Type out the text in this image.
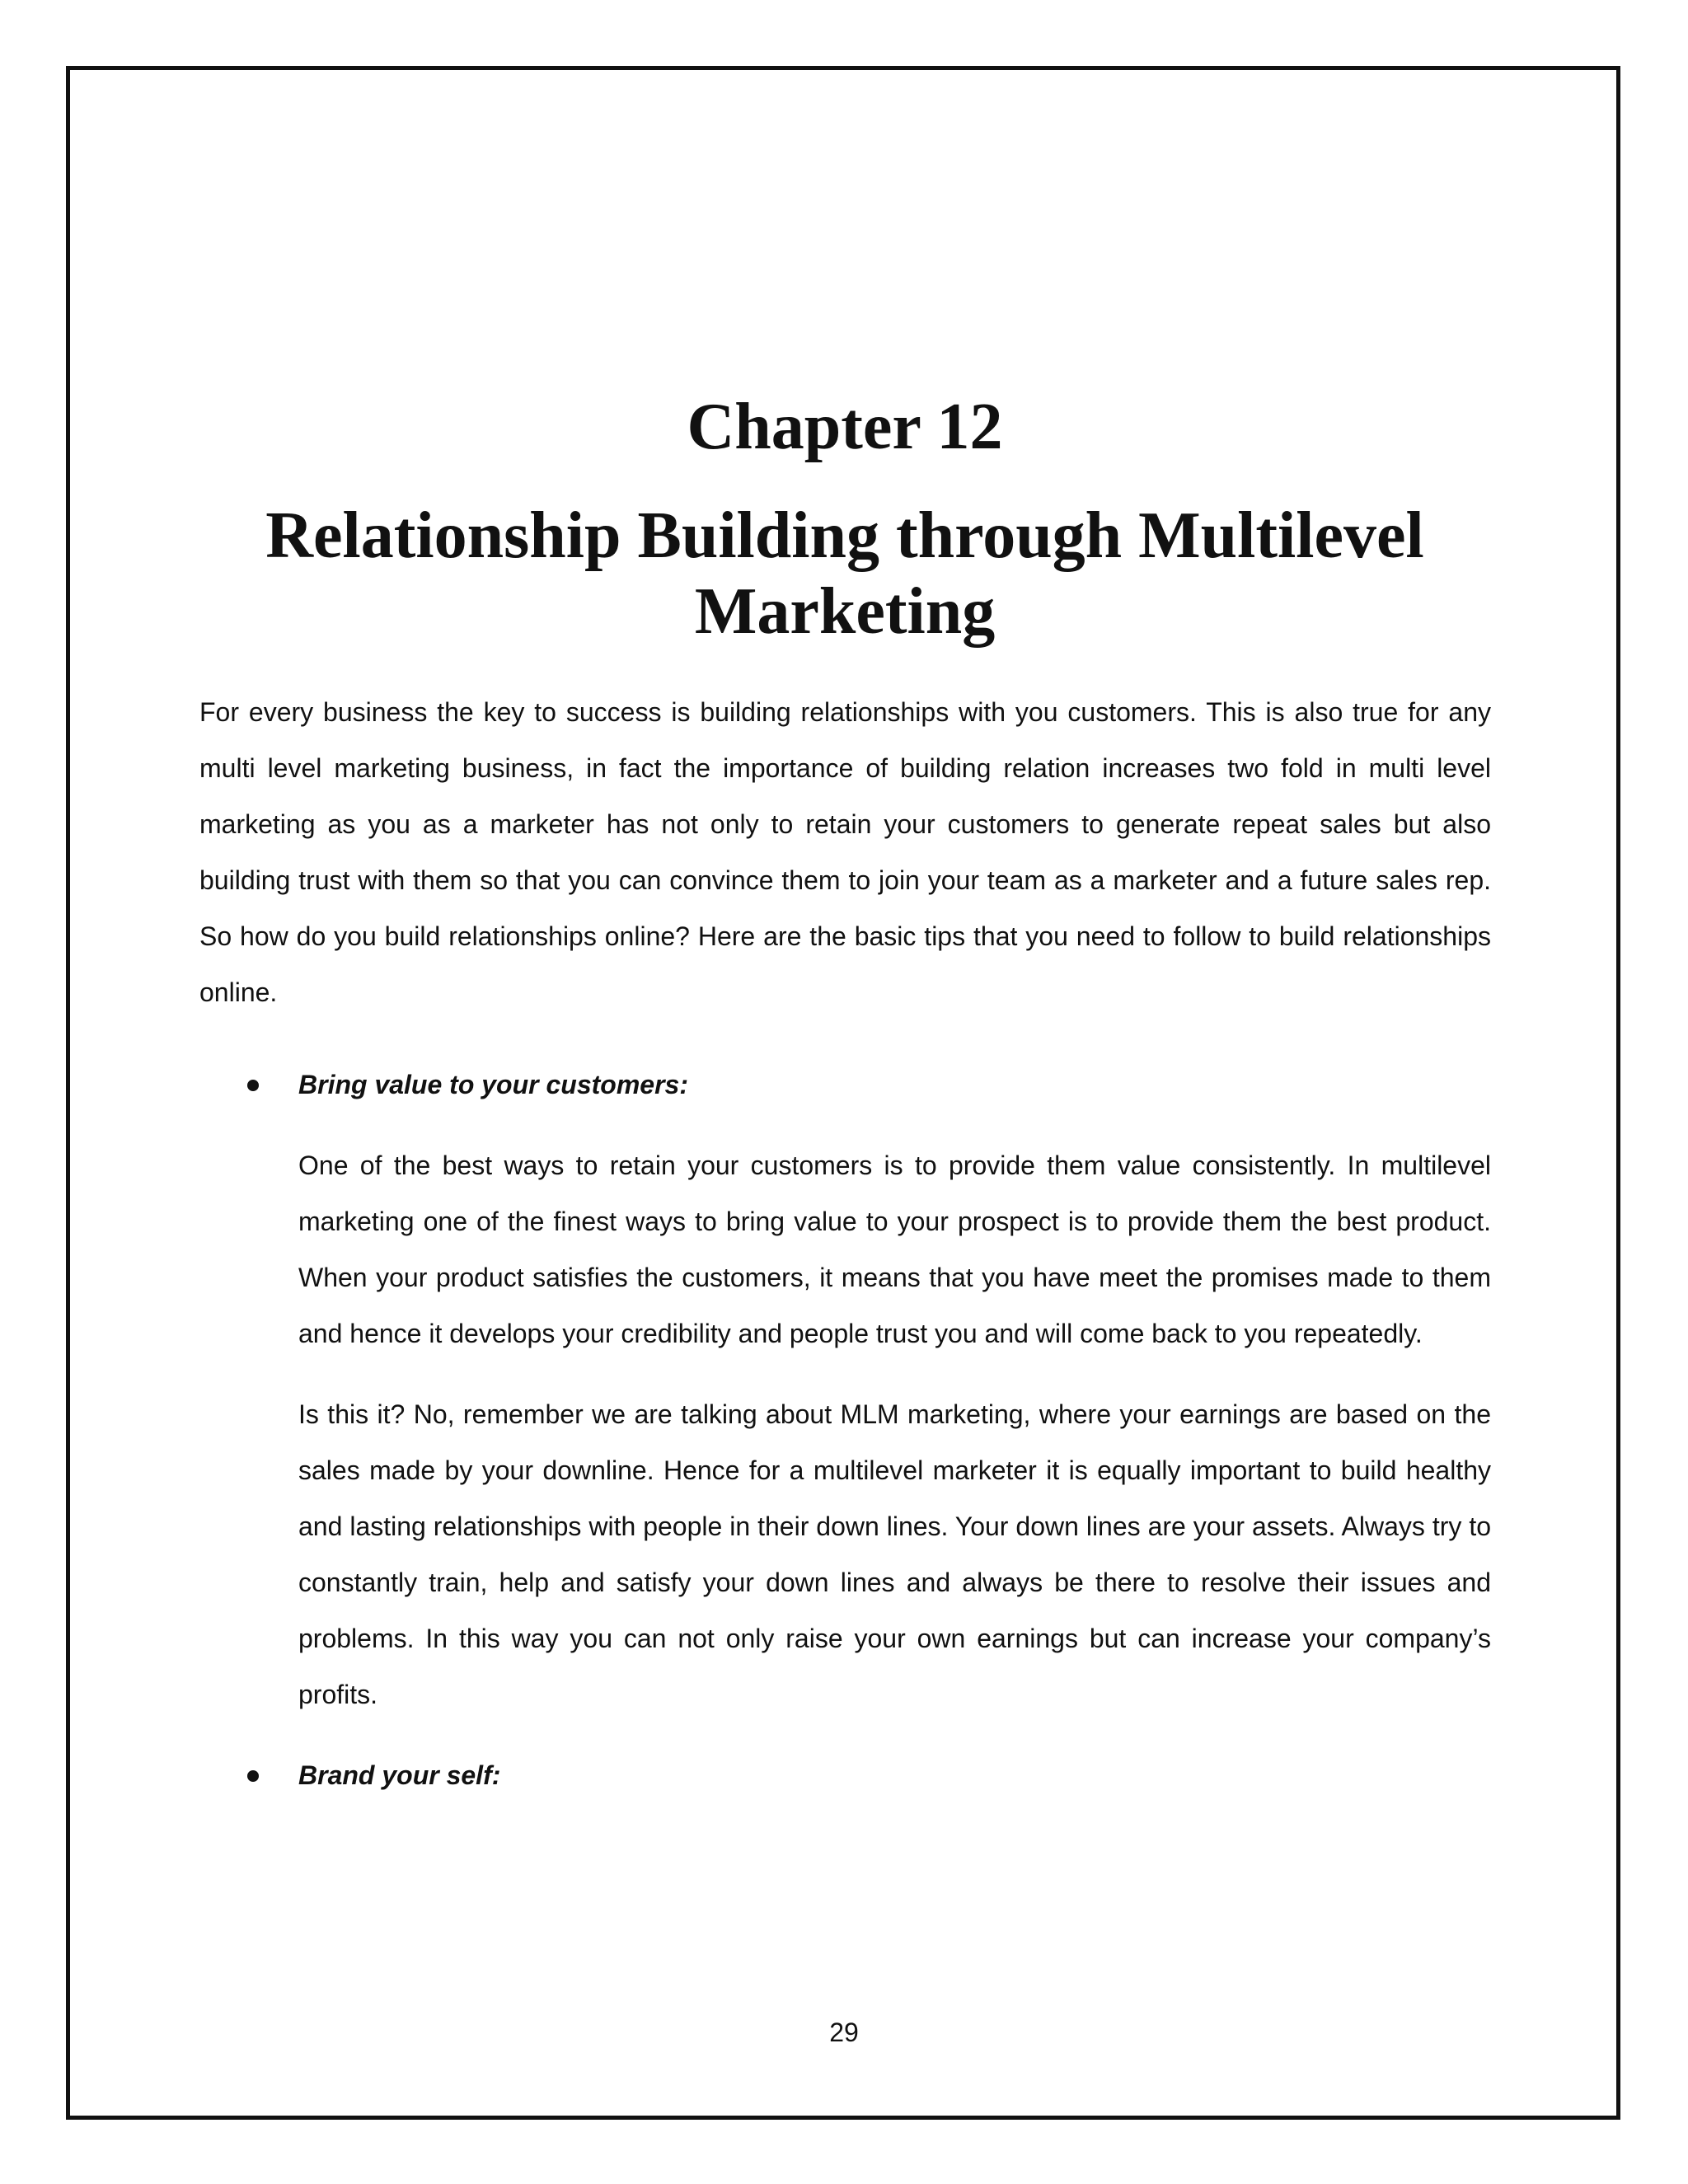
Chapter 12
Relationship Building through Multilevel Marketing

For every business the key to success is building relationships with you customers. This is also true for any multi level marketing business, in fact the importance of building relation increases two fold in multi level marketing as you as a marketer has not only to retain your customers to generate repeat sales but also building trust with them so that you can convince them to join your team as a marketer and a future sales rep. So how do you build relationships online? Here are the basic tips that you need to follow to build relationships online.

Bring value to your customers:

One of the best ways to retain your customers is to provide them value consistently. In multilevel marketing one of the finest ways to bring value to your prospect is to provide them the best product. When your product satisfies the customers, it means that you have meet the promises made to them and hence it develops your credibility and people trust you and will come back to you repeatedly.

Is this it? No, remember we are talking about MLM marketing, where your earnings are based on the sales made by your downline. Hence for a multilevel marketer it is equally important to build healthy and lasting relationships with people in their down lines. Your down lines are your assets. Always try to constantly train, help and satisfy your down lines and always be there to resolve their issues and problems. In this way you can not only raise your own earnings but can increase your company’s profits.

Brand your self:
29
